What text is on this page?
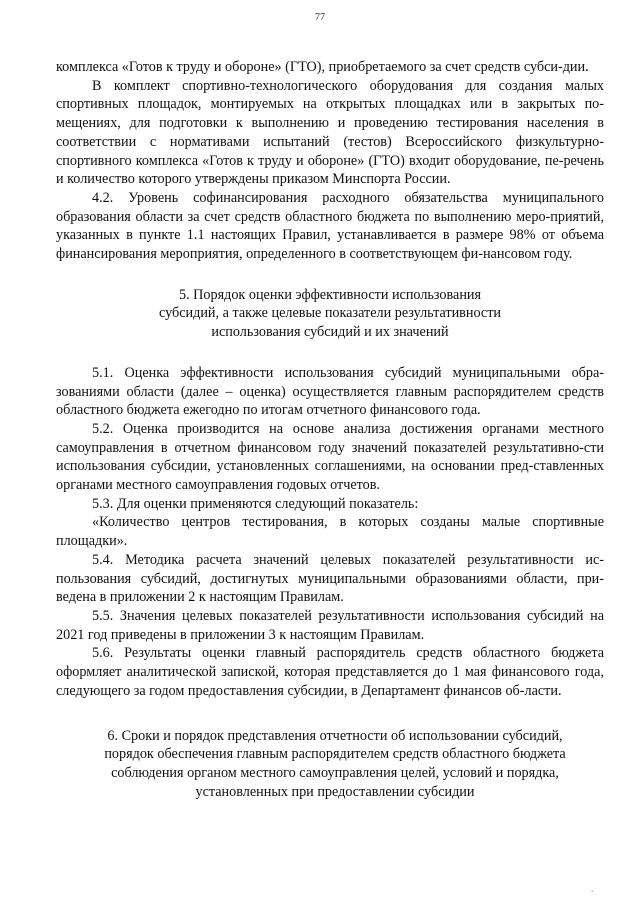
77

комплекса «Готов к труду и обороне» (ГТО), приобретаемого за счет средств субси-дии.

В комплект спортивно-технологического оборудования для создания малых спортивных площадок, монтируемых на открытых площадках или в закрытых по-мещениях, для подготовки к выполнению и проведению тестирования населения в соответствии с нормативами испытаний (тестов) Всероссийского физкультурно-спортивного комплекса «Готов к труду и обороне» (ГТО) входит оборудование, пе-речень и количество которого утверждены приказом Минспорта России.

4.2. Уровень софинансирования расходного обязательства муниципального образования области за счет средств областного бюджета по выполнению меро-приятий, указанных в пункте 1.1 настоящих Правил, устанавливается в размере 98% от объема финансирования мероприятия, определенного в соответствующем фи-нансовом году.

5. Порядок оценки эффективности использования

субсидий, а также целевые показатели результативности

использования субсидий и их значений

5.1. Оценка эффективности использования субсидий муниципальными обра-зованиями области (далее – оценка) осуществляется главным распорядителем средств областного бюджета ежегодно по итогам отчетного финансового года.

5.2. Оценка производится на основе анализа достижения органами местного самоуправления в отчетном финансовом году значений показателей результативно-сти использования субсидии, установленных соглашениями, на основании пред-ставленных органами местного самоуправления годовых отчетов.

5.3. Для оценки применяются следующий показатель:

«Количество центров тестирования, в которых созданы малые спортивные площадки».

5.4. Методика расчета значений целевых показателей результативности ис-пользования субсидий, достигнутых муниципальными образованиями области, при-ведена в приложении 2 к настоящим Правилам.

5.5. Значения целевых показателей результативности использования субсидий на 2021 год приведены в приложении 3 к настоящим Правилам.

5.6. Результаты оценки главный распорядитель средств областного бюджета оформляет аналитической запиской, которая представляется до 1 мая финансового года, следующего за годом предоставления субсидии, в Департамент финансов об-ласти.

6. Сроки и порядок представления отчетности об использовании субсидий,

порядок обеспечения главным распорядителем средств областного бюджета

соблюдения органом местного самоуправления целей, условий и порядка,

установленных при предоставлении субсидии

.
